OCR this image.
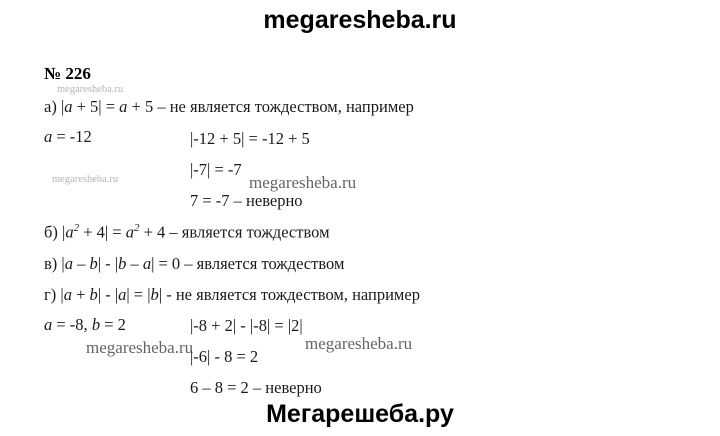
megaresheba.ru
№ 226
а) |a + 5| = a + 5 – не является тождеством, например
a = -12	|-12 + 5| = -12 + 5
|-7| = -7
7 = -7 – неверно
б) $|a^2 + 4| = a^2 + 4$ – является тождеством
в) |a – b| - |b – a| = 0 – является тождеством
г) |a + b| - |a| = |b| - не является тождеством, например
a = -8, b = 2	|-8 + 2| - |-8| = |2|
|-6| - 8 = 2
6 – 8 = 2 – неверно
megaresheba.ru
megaresheba.ru	megaresheba.ru
megaresheba.ru	megaresheba.ru
Мегарешеба.ру
